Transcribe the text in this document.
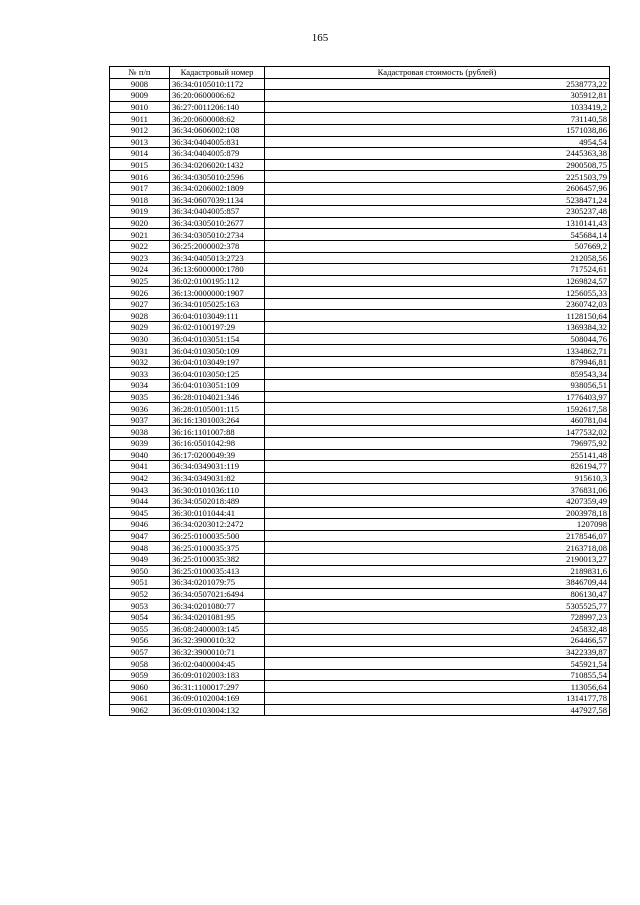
165
№ п/п	Кадастровый номер	Кадастровая стоимость (рублей)
9008	36:34:0105010:1172	2538773,22
9009	36:20:0600006:62	305912,81
9010	36:27:0011206:140	1033419,2
9011	36:20:0600008:62	731140,58
9012	36:34:0606002:108	1571038,86
9013	36:34:0404005:831	4954,54
9014	36:34:0404005:879	2445363,38
9015	36:34:0206020:1432	2900508,75
9016	36:34:0305010:2596	2251503,79
9017	36:34:0206002:1809	2606457,96
9018	36:34:0607039:1134	5238471,24
9019	36:34:0404005:857	2305237,48
9020	36:34:0305010:2677	1310141,43
9021	36:34:0305010:2734	545684,14
9022	36:25:2000002:378	507669,2
9023	36:34:0405013:2723	212058,56
9024	36:13:6000000:1780	717524,61
9025	36:02:0100195:112	1269824,57
9026	36:13:0000000:1907	1256055,33
9027	36:34:0105025:163	2360742,03
9028	36:04:0103049:111	1128150,64
9029	36:02:0100197:29	1369384,32
9030	36:04:0103051:154	508044,76
9031	36:04:0103050:109	1334862,71
9032	36:04:0103049:197	879946,81
9033	36:04:0103050:125	859543,34
9034	36:04:0103051:109	938056,51
9035	36:28:0104021:346	1776403,97
9036	36:28:0105001:115	1592617,58
9037	36:16:1301003:264	460781,04
9038	36:16:1101007:88	1477532,02
9039	36:16:0501042:98	796975,92
9040	36:17:0200049:39	255141,48
9041	36:34:0349031:119	826194,77
9042	36:34:0349031:82	915610,3
9043	36:30:0101036:110	376831,06
9044	36:34:0502018:489	4207359,49
9045	36:30:0101044:41	2003978,18
9046	36:34:0203012:2472	1207098
9047	36:25:0100035:500	2178546,07
9048	36:25:0100035:375	2163718,08
9049	36:25:0100035:382	2190013,27
9050	36:25:0100035:413	2189831,6
9051	36:34:0201079:75	3846709,44
9052	36:34:0507021:6494	806130,47
9053	36:34:0201080:77	5305525,77
9054	36:34:0201081:95	728997,23
9055	36:08:2400003:145	245832,48
9056	36:32:3900010:32	264466,57
9057	36:32:3900010:71	3422339,87
9058	36:02:0400004:45	545921,54
9059	36:09:0102003:183	710855,54
9060	36:31:1100017:297	113056,64
9061	36:09:0102004:169	1314177,78
9062	36:09:0103004:132	447927,58
